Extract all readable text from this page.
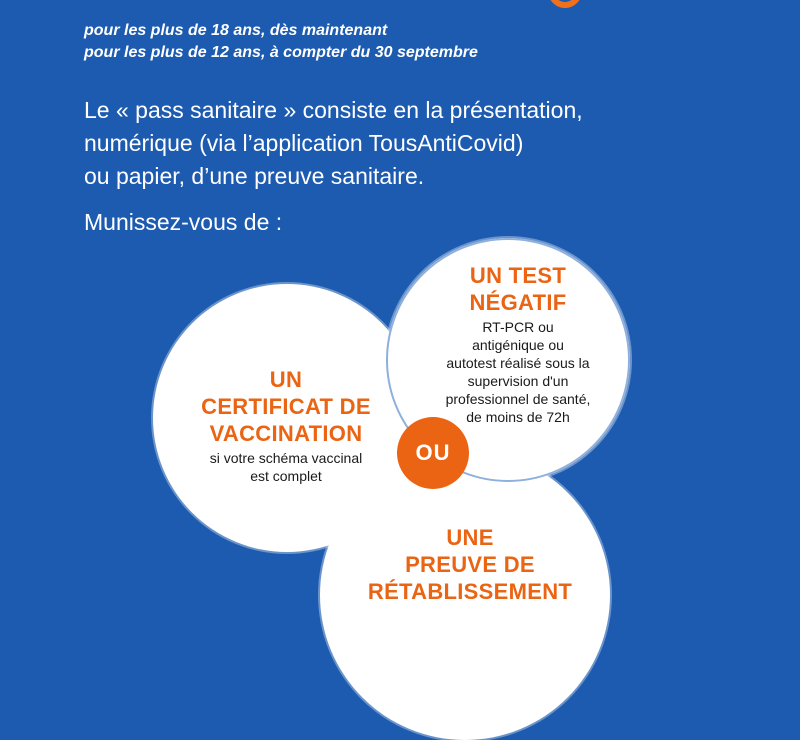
pour les plus de 18 ans, dès maintenant
pour les plus de 12 ans, à compter du 30 septembre
Le « pass sanitaire » consiste en la présentation,
numérique (via l’application TousAntiCovid)
ou papier, d’une preuve sanitaire.
Munissez-vous de :
UN
CERTIFICAT DE
VACCINATION
si votre schéma vaccinal
est complet
UN TEST
NÉGATIF
RT-PCR ou
antigénique ou
autotest réalisé sous la
supervision d'un
professionnel de santé,
de moins de 72h
UNE
PREUVE DE
RÉTABLISSEMENT
OU
